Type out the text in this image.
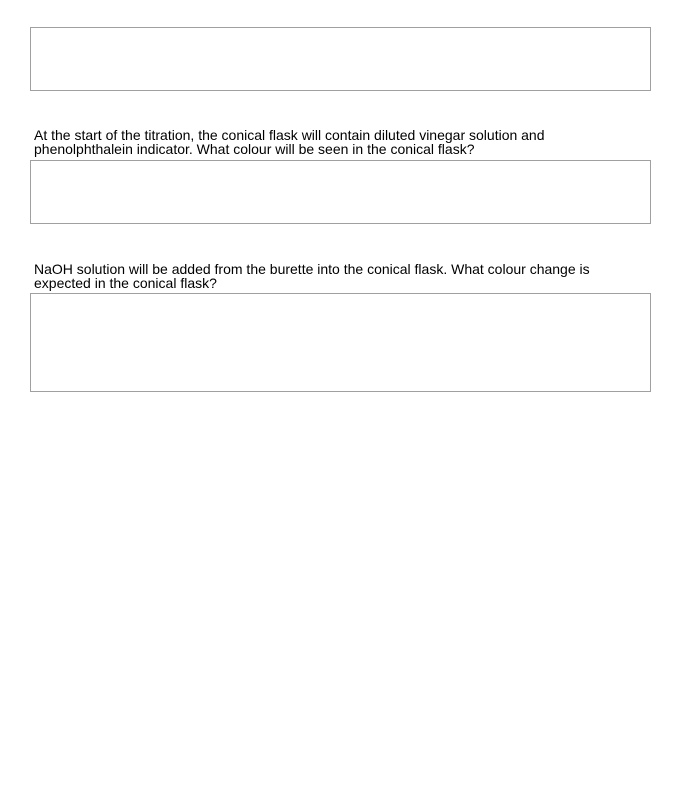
At the start of the titration, the conical flask will contain diluted vinegar solution and phenolphthalein indicator. What colour will be seen in the conical flask?

NaOH solution will be added from the burette into the conical flask. What colour change is expected in the conical flask?
